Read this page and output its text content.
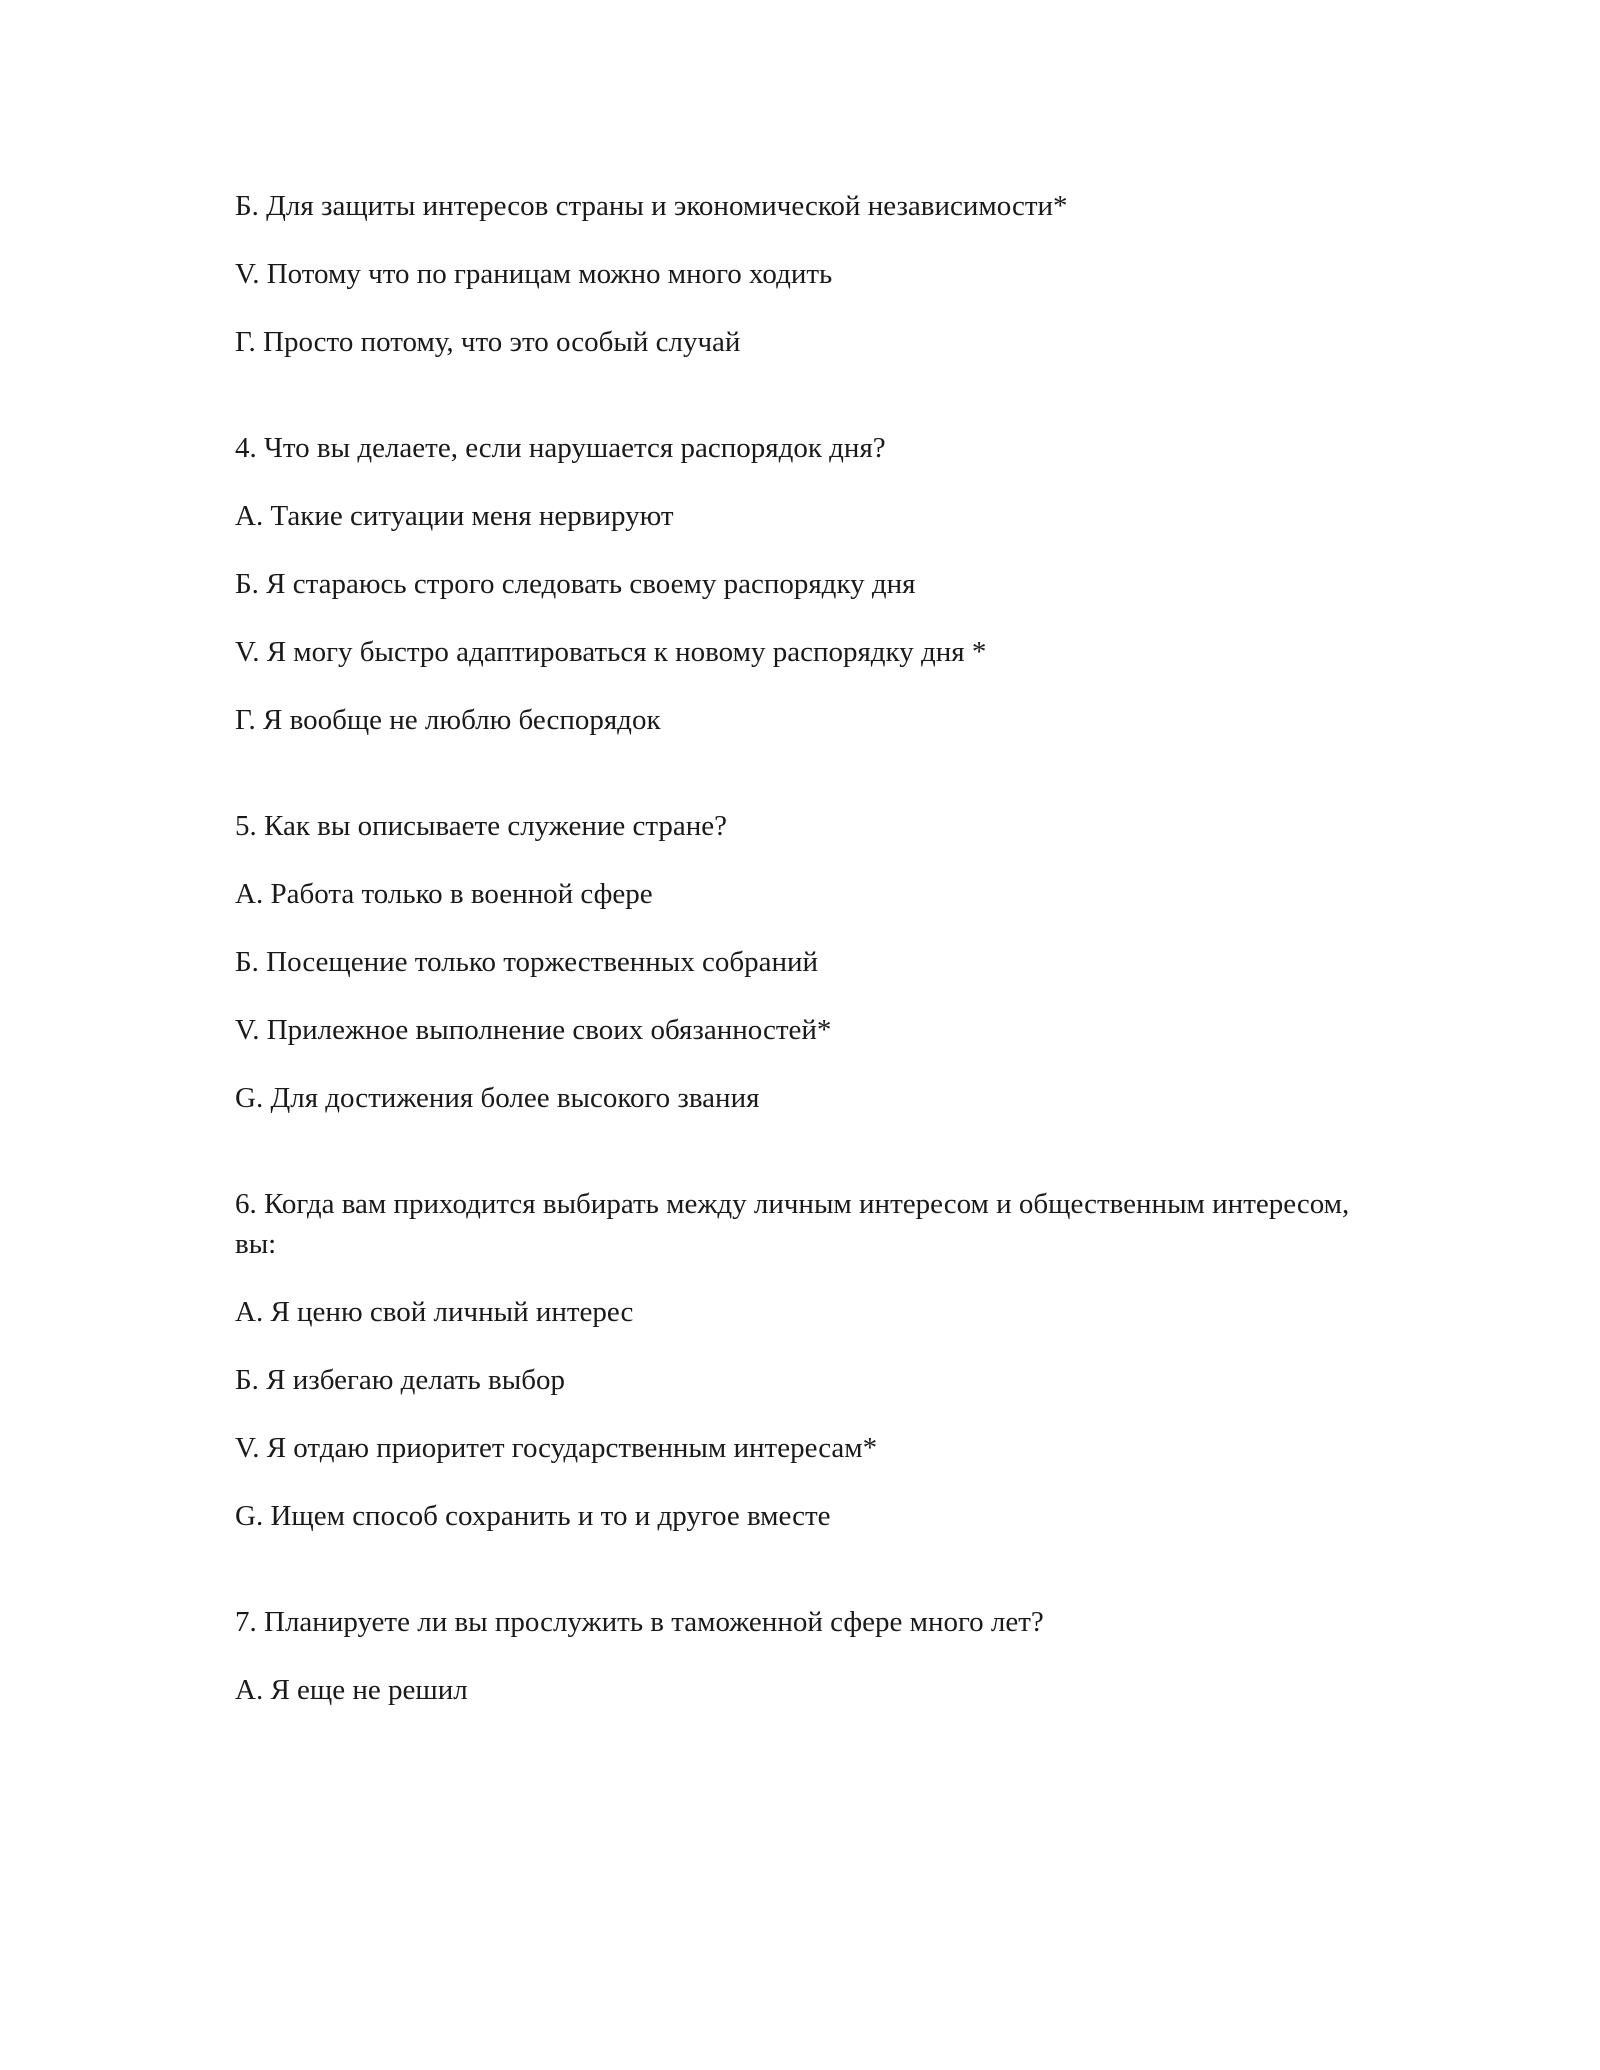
Б. Для защиты интересов страны и экономической независимости*
V. Потому что по границам можно много ходить
Г. Просто потому, что это особый случай
4. Что вы делаете, если нарушается распорядок дня?
А. Такие ситуации меня нервируют
Б. Я стараюсь строго следовать своему распорядку дня
V. Я могу быстро адаптироваться к новому распорядку дня *
Г. Я вообще не люблю беспорядок
5. Как вы описываете служение стране?
А. Работа только в военной сфере
Б. Посещение только торжественных собраний
V. Прилежное выполнение своих обязанностей*
G. Для достижения более высокого звания
6. Когда вам приходится выбирать между личным интересом и общественным интересом, вы:
А. Я ценю свой личный интерес
Б. Я избегаю делать выбор
V. Я отдаю приоритет государственным интересам*
G. Ищем способ сохранить и то и другое вместе
7. Планируете ли вы прослужить в таможенной сфере много лет?
А. Я еще не решил
